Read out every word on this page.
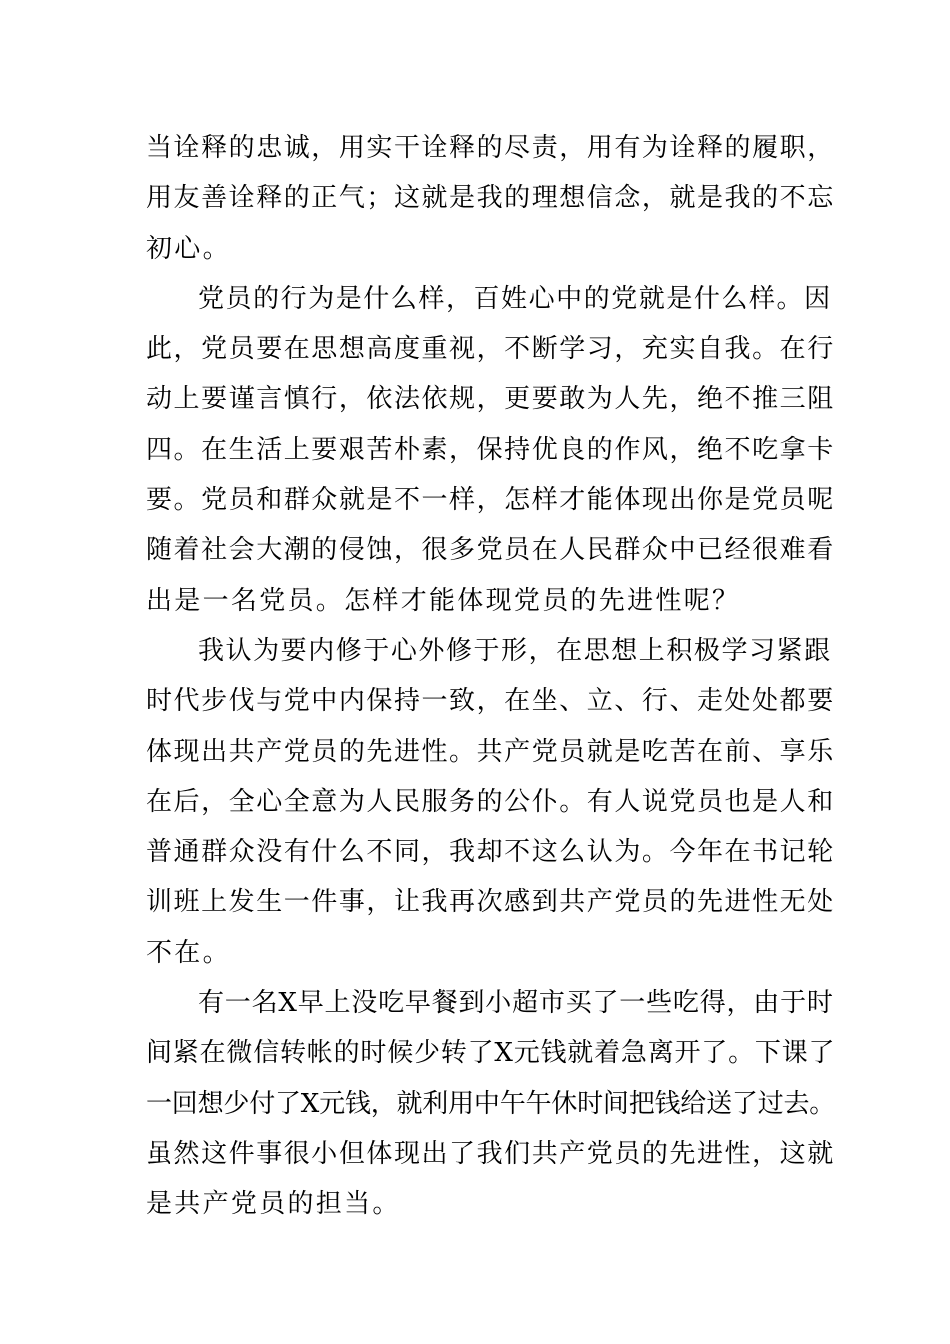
当诠释的忠诚，用实干诠释的尽责，用有为诠释的履职，
用友善诠释的正气；这就是我的理想信念，就是我的不忘
初心。
党员的行为是什么样，百姓心中的党就是什么样。因
此，党员要在思想高度重视，不断学习，充实自我。在行
动上要谨言慎行，依法依规，更要敢为人先，绝不推三阻
四。在生活上要艰苦朴素，保持优良的作风，绝不吃拿卡
要。党员和群众就是不一样，怎样才能体现出你是党员呢
随着社会大潮的侵蚀，很多党员在人民群众中已经很难看
出是一名党员。怎样才能体现党员的先进性呢？
我认为要内修于心外修于形，在思想上积极学习紧跟
时代步伐与党中内保持一致，在坐、立、行、走处处都要
体现出共产党员的先进性。共产党员就是吃苦在前、享乐
在后，全心全意为人民服务的公仆。有人说党员也是人和
普通群众没有什么不同，我却不这么认为。今年在书记轮
训班上发生一件事，让我再次感到共产党员的先进性无处
不在。
有一名X早上没吃早餐到小超市买了一些吃得，由于时
间紧在微信转帐的时候少转了X元钱就着急离开了。下课了
一回想少付了X元钱，就利用中午午休时间把钱给送了过去。
虽然这件事很小但体现出了我们共产党员的先进性，这就
是共产党员的担当。
